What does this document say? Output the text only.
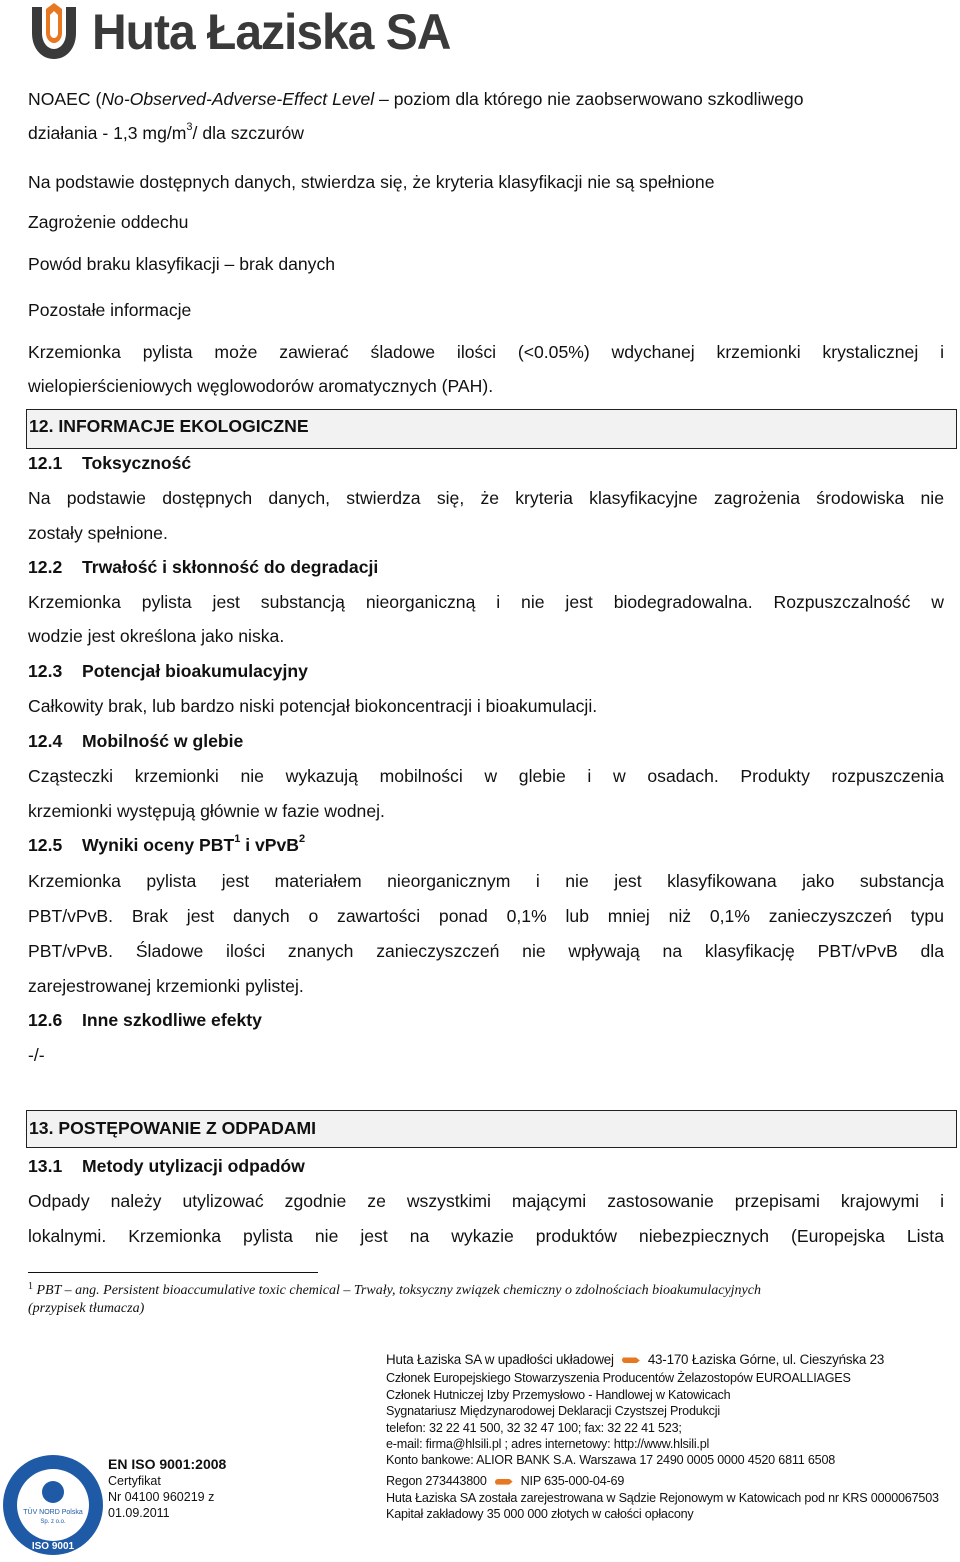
Huta Łaziska SA
NOAEC (No-Observed-Adverse-Effect Level – poziom dla którego nie zaobserwowano szkodliwego
działania - 1,3 $mg/m^3/$ dla szczurów
Na podstawie dostępnych danych, stwierdza się, że kryteria klasyfikacji nie są spełnione
Zagrożenie oddechu
Powód braku klasyfikacji – brak danych
Pozostałe informacje
Krzemionka pylista może zawierać śladowe ilości (<0.05%) wdychanej krzemionki krystalicznej i
wielopierścieniowych węglowodorów aromatycznych (PAH).
12. INFORMACJE EKOLOGICZNE
12.1 Toksyczność
Na podstawie dostępnych danych, stwierdza się, że kryteria klasyfikacyjne zagrożenia środowiska nie
zostały spełnione.
12.2 Trwałość i skłonność do degradacji
Krzemionka pylista jest substancją nieorganiczną i nie jest biodegradowalna. Rozpuszczalność w
wodzie jest określona jako niska.
12.3 Potencjał bioakumulacyjny
Całkowity brak, lub bardzo niski potencjał biokoncentracji i bioakumulacji.
12.4 Mobilność w glebie
Cząsteczki krzemionki nie wykazują mobilności w glebie i w osadach. Produkty rozpuszczenia
krzemionki występują głównie w fazie wodnej.
12.5 Wyniki oceny PBT$^1$ i vPvB$^2$
Krzemionka pylista jest materiałem nieorganicznym i nie jest klasyfikowana jako substancja
PBT/vPvB. Brak jest danych o zawartości ponad 0,1% lub mniej niż 0,1% zanieczyszczeń typu
PBT/vPvB. Śladowe ilości znanych zanieczyszczeń nie wpływają na klasyfikację PBT/vPvB dla
zarejestrowanej krzemionki pylistej.
12.6 Inne szkodliwe efekty
-/-
13. POSTĘPOWANIE Z ODPADAMI
13.1 Metody utylizacji odpadów
Odpady należy utylizować zgodnie ze wszystkimi mającymi zastosowanie przepisami krajowymi i
lokalnymi. Krzemionka pylista nie jest na wykazie produktów niebezpiecznych (Europejska Lista
$^1$ PBT – ang. Persistent bioaccumulative toxic chemical – Trwały, toksyczny związek chemiczny o zdolnościach bioakumulacyjnych
(przypisek tłumacza)
TÜV NORD Polska
Sp. z o.o.
ISO 9001
EN ISO 9001:2008
Certyfikat
Nr 04100 960219 z
01.09.2011
Huta Łaziska SA w upadłości układowej	43-170 Łaziska Górne, ul. Cieszyńska 23
Członek Europejskiego Stowarzyszenia Producentów Żelazostopów EUROALLIAGES
Członek Hutniczej Izby Przemysłowo - Handlowej w Katowicach
Sygnatariusz Międzynarodowej Deklaracji Czystszej Produkcji
telefon: 32 22 41 500, 32 32 47 100; fax: 32 22 41 523;
e-mail: firma@hlsili.pl ; adres internetowy: http://www.hlsili.pl
Konto bankowe: ALIOR BANK S.A. Warszawa 17 2490 0005 0000 4520 6811 6508
Regon 273443800	NIP 635-000-04-69
Huta Łaziska SA została zarejestrowana w Sądzie Rejonowym w Katowicach pod nr KRS 0000067503
Kapitał zakładowy 35 000 000 złotych w całości opłacony
